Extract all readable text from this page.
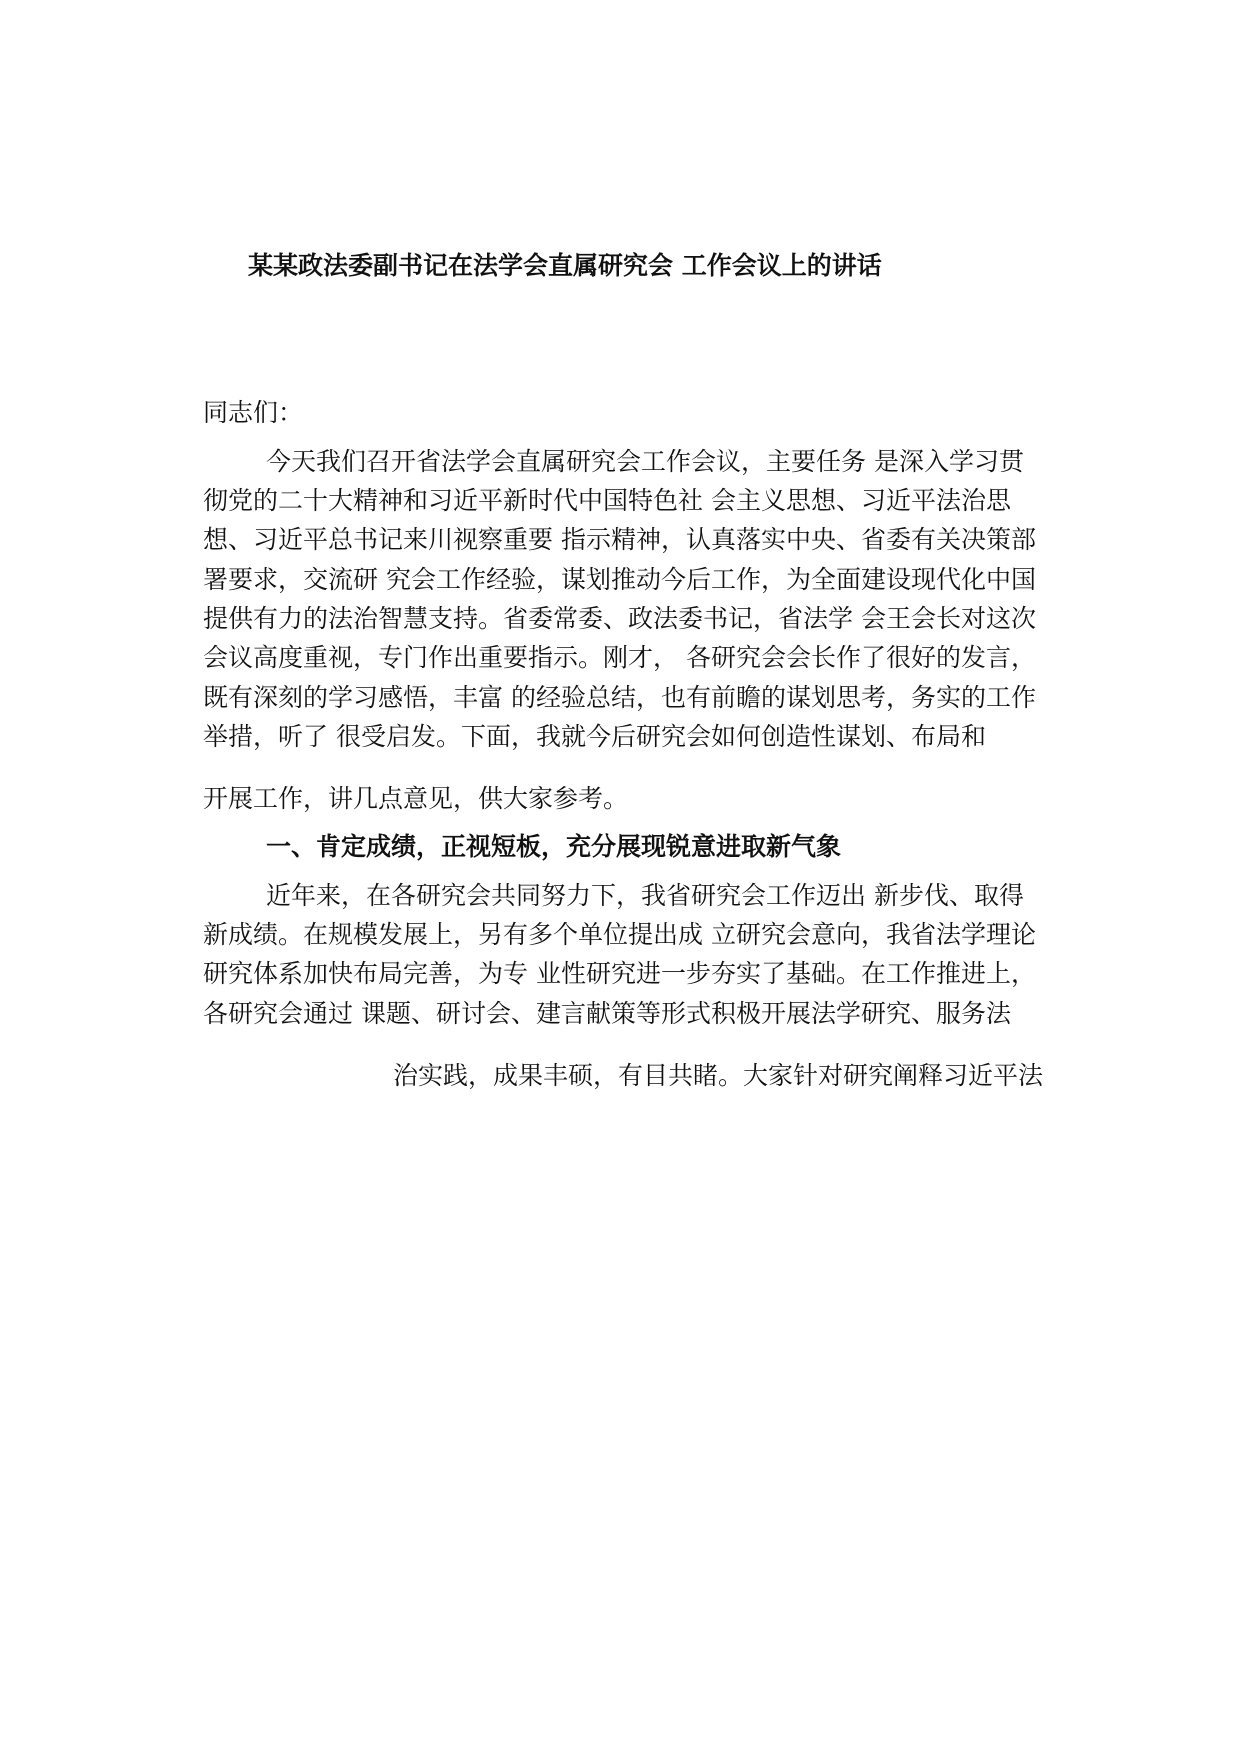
某某政法委副书记在法学会直属研究会 工作会议上的讲话
同志们：
今天我们召开省法学会直属研究会工作会议，主要任务 是深入学习贯
彻党的二十大精神和习近平新时代中国特色社 会主义思想、习近平法治思
想、习近平总书记来川视察重要 指示精神，认真落实中央、省委有关决策部
署要求，交流研 究会工作经验，谋划推动今后工作，为全面建设现代化中国
提供有力的法治智慧支持。省委常委、政法委书记，省法学 会王会长对这次
会议高度重视，专门作出重要指示。刚才， 各研究会会长作了很好的发言，
既有深刻的学习感悟，丰富 的经验总结，也有前瞻的谋划思考，务实的工作
举措，听了 很受启发。下面，我就今后研究会如何创造性谋划、布局和
开展工作，讲几点意见，供大家参考。
一、肯定成绩，正视短板，充分展现锐意进取新气象
近年来，在各研究会共同努力下，我省研究会工作迈出 新步伐、取得
新成绩。在规模发展上，另有多个单位提出成 立研究会意向，我省法学理论
研究体系加快布局完善，为专 业性研究进一步夯实了基础。在工作推进上，
各研究会通过 课题、研讨会、建言献策等形式积极开展法学研究、服务法
治实践，成果丰硕，有目共睹。大家针对研究阐释习近平法
